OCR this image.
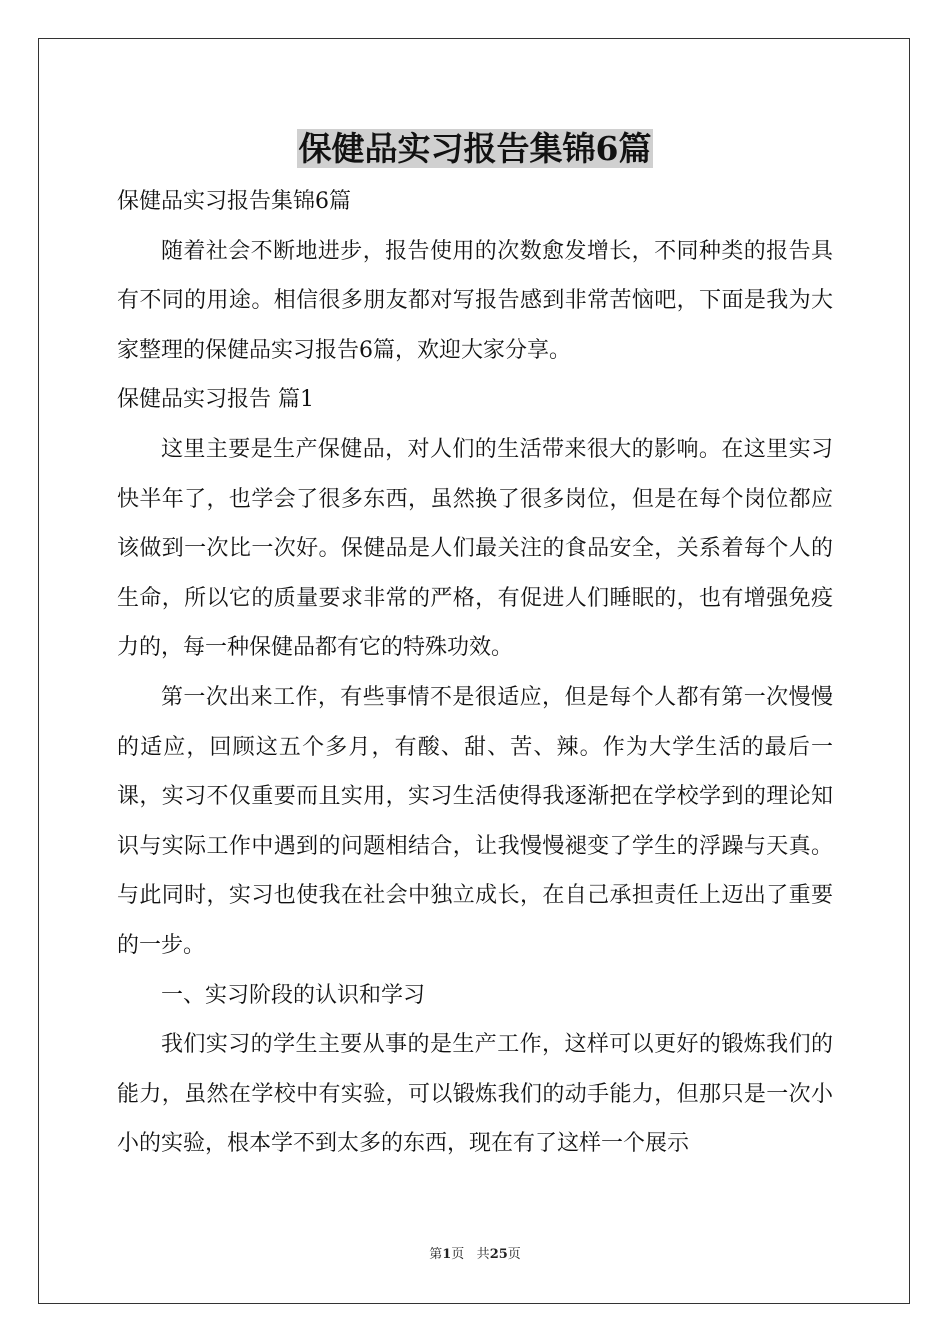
保健品实习报告集锦6篇

保健品实习报告集锦6篇

随着社会不断地进步，报告使用的次数愈发增长，不同种类的报告具有不同的用途。相信很多朋友都对写报告感到非常苦恼吧，下面是我为大家整理的保健品实习报告6篇，欢迎大家分享。

保健品实习报告 篇1

这里主要是生产保健品，对人们的生活带来很大的影响。在这里实习快半年了，也学会了很多东西，虽然换了很多岗位，但是在每个岗位都应该做到一次比一次好。保健品是人们最关注的食品安全，关系着每个人的生命，所以它的质量要求非常的严格，有促进人们睡眠的，也有增强免疫力的，每一种保健品都有它的特殊功效。

第一次出来工作，有些事情不是很适应，但是每个人都有第一次慢慢的适应，回顾这五个多月，有酸、甜、苦、辣。作为大学生活的最后一课，实习不仅重要而且实用，实习生活使得我逐渐把在学校学到的理论知识与实际工作中遇到的问题相结合，让我慢慢褪变了学生的浮躁与天真。与此同时，实习也使我在社会中独立成长，在自己承担责任上迈出了重要的一步。

一、实习阶段的认识和学习

我们实习的学生主要从事的是生产工作，这样可以更好的锻炼我们的能力，虽然在学校中有实验，可以锻炼我们的动手能力，但那只是一次小小的实验，根本学不到太多的东西，现在有了这样一个展示

第1页 共25页
